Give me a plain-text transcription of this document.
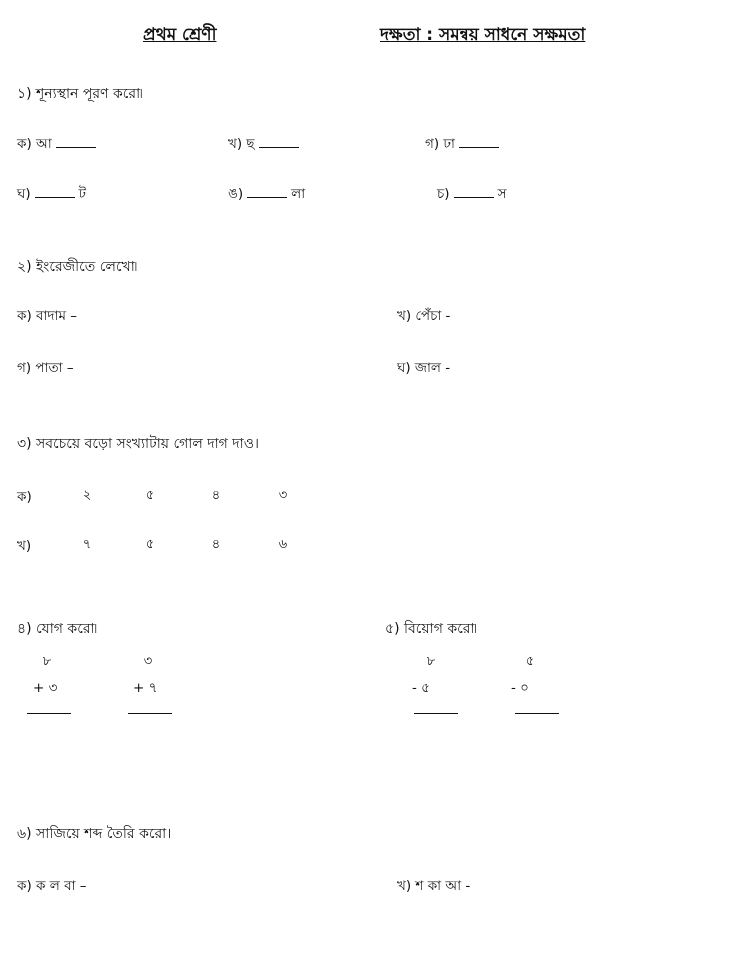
প্রথম শ্রেণী	দক্ষতা : সমন্বয় সাধনে সক্ষমতা
১) শূন্যস্থান পূরণ করো৷
ক) আ	খ) ছ	গ) ঢা
ঘ)	ট	ঙ)	লা	চ)	স
২) ইংরেজীতে লেখো৷
ক) বাদাম –	খ) পেঁচা -
গ) পাতা –	ঘ) জাল -
৩) সবচেয়ে বড়ো সংখ্যাটায় গোল দাগ দাও।
ক)	২	৫	৪	৩
খ)	৭	৫	৪	৬
৪) যোগ করো৷
৮
+ ৩
৩
+ ৭
৫) বিয়োগ করো৷
৮
- ৫
৫
- ০
৬) সাজিয়ে শব্দ তৈরি করো।
ক) ক ল বা –	খ) শ কা আ -
